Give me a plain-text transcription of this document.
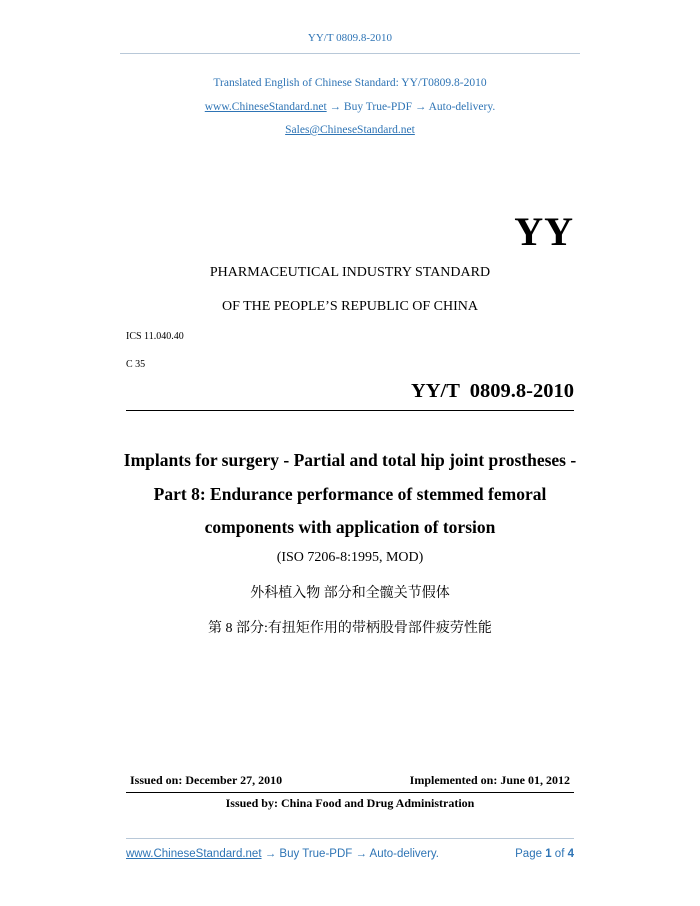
YY/T 0809.8-2010
Translated English of Chinese Standard: YY/T0809.8-2010
www.ChineseStandard.net → Buy True-PDF → Auto-delivery.
Sales@ChineseStandard.net
YY
PHARMACEUTICAL INDUSTRY STANDARD
OF THE PEOPLE’S REPUBLIC OF CHINA
ICS 11.040.40
C 35
YY/T  0809.8-2010
Implants for surgery - Partial and total hip joint prostheses -
Part 8: Endurance performance of stemmed femoral
components with application of torsion
(ISO 7206-8:1995, MOD)
外科植入物 部分和全髋关节假体
第 8 部分:有扭矩作用的带柄股骨部件疲劳性能
Issued on: December 27, 2010	Implemented on: June 01, 2012
Issued by: China Food and Drug Administration
www.ChineseStandard.net → Buy True-PDF → Auto-delivery.	Page 1 of 4
